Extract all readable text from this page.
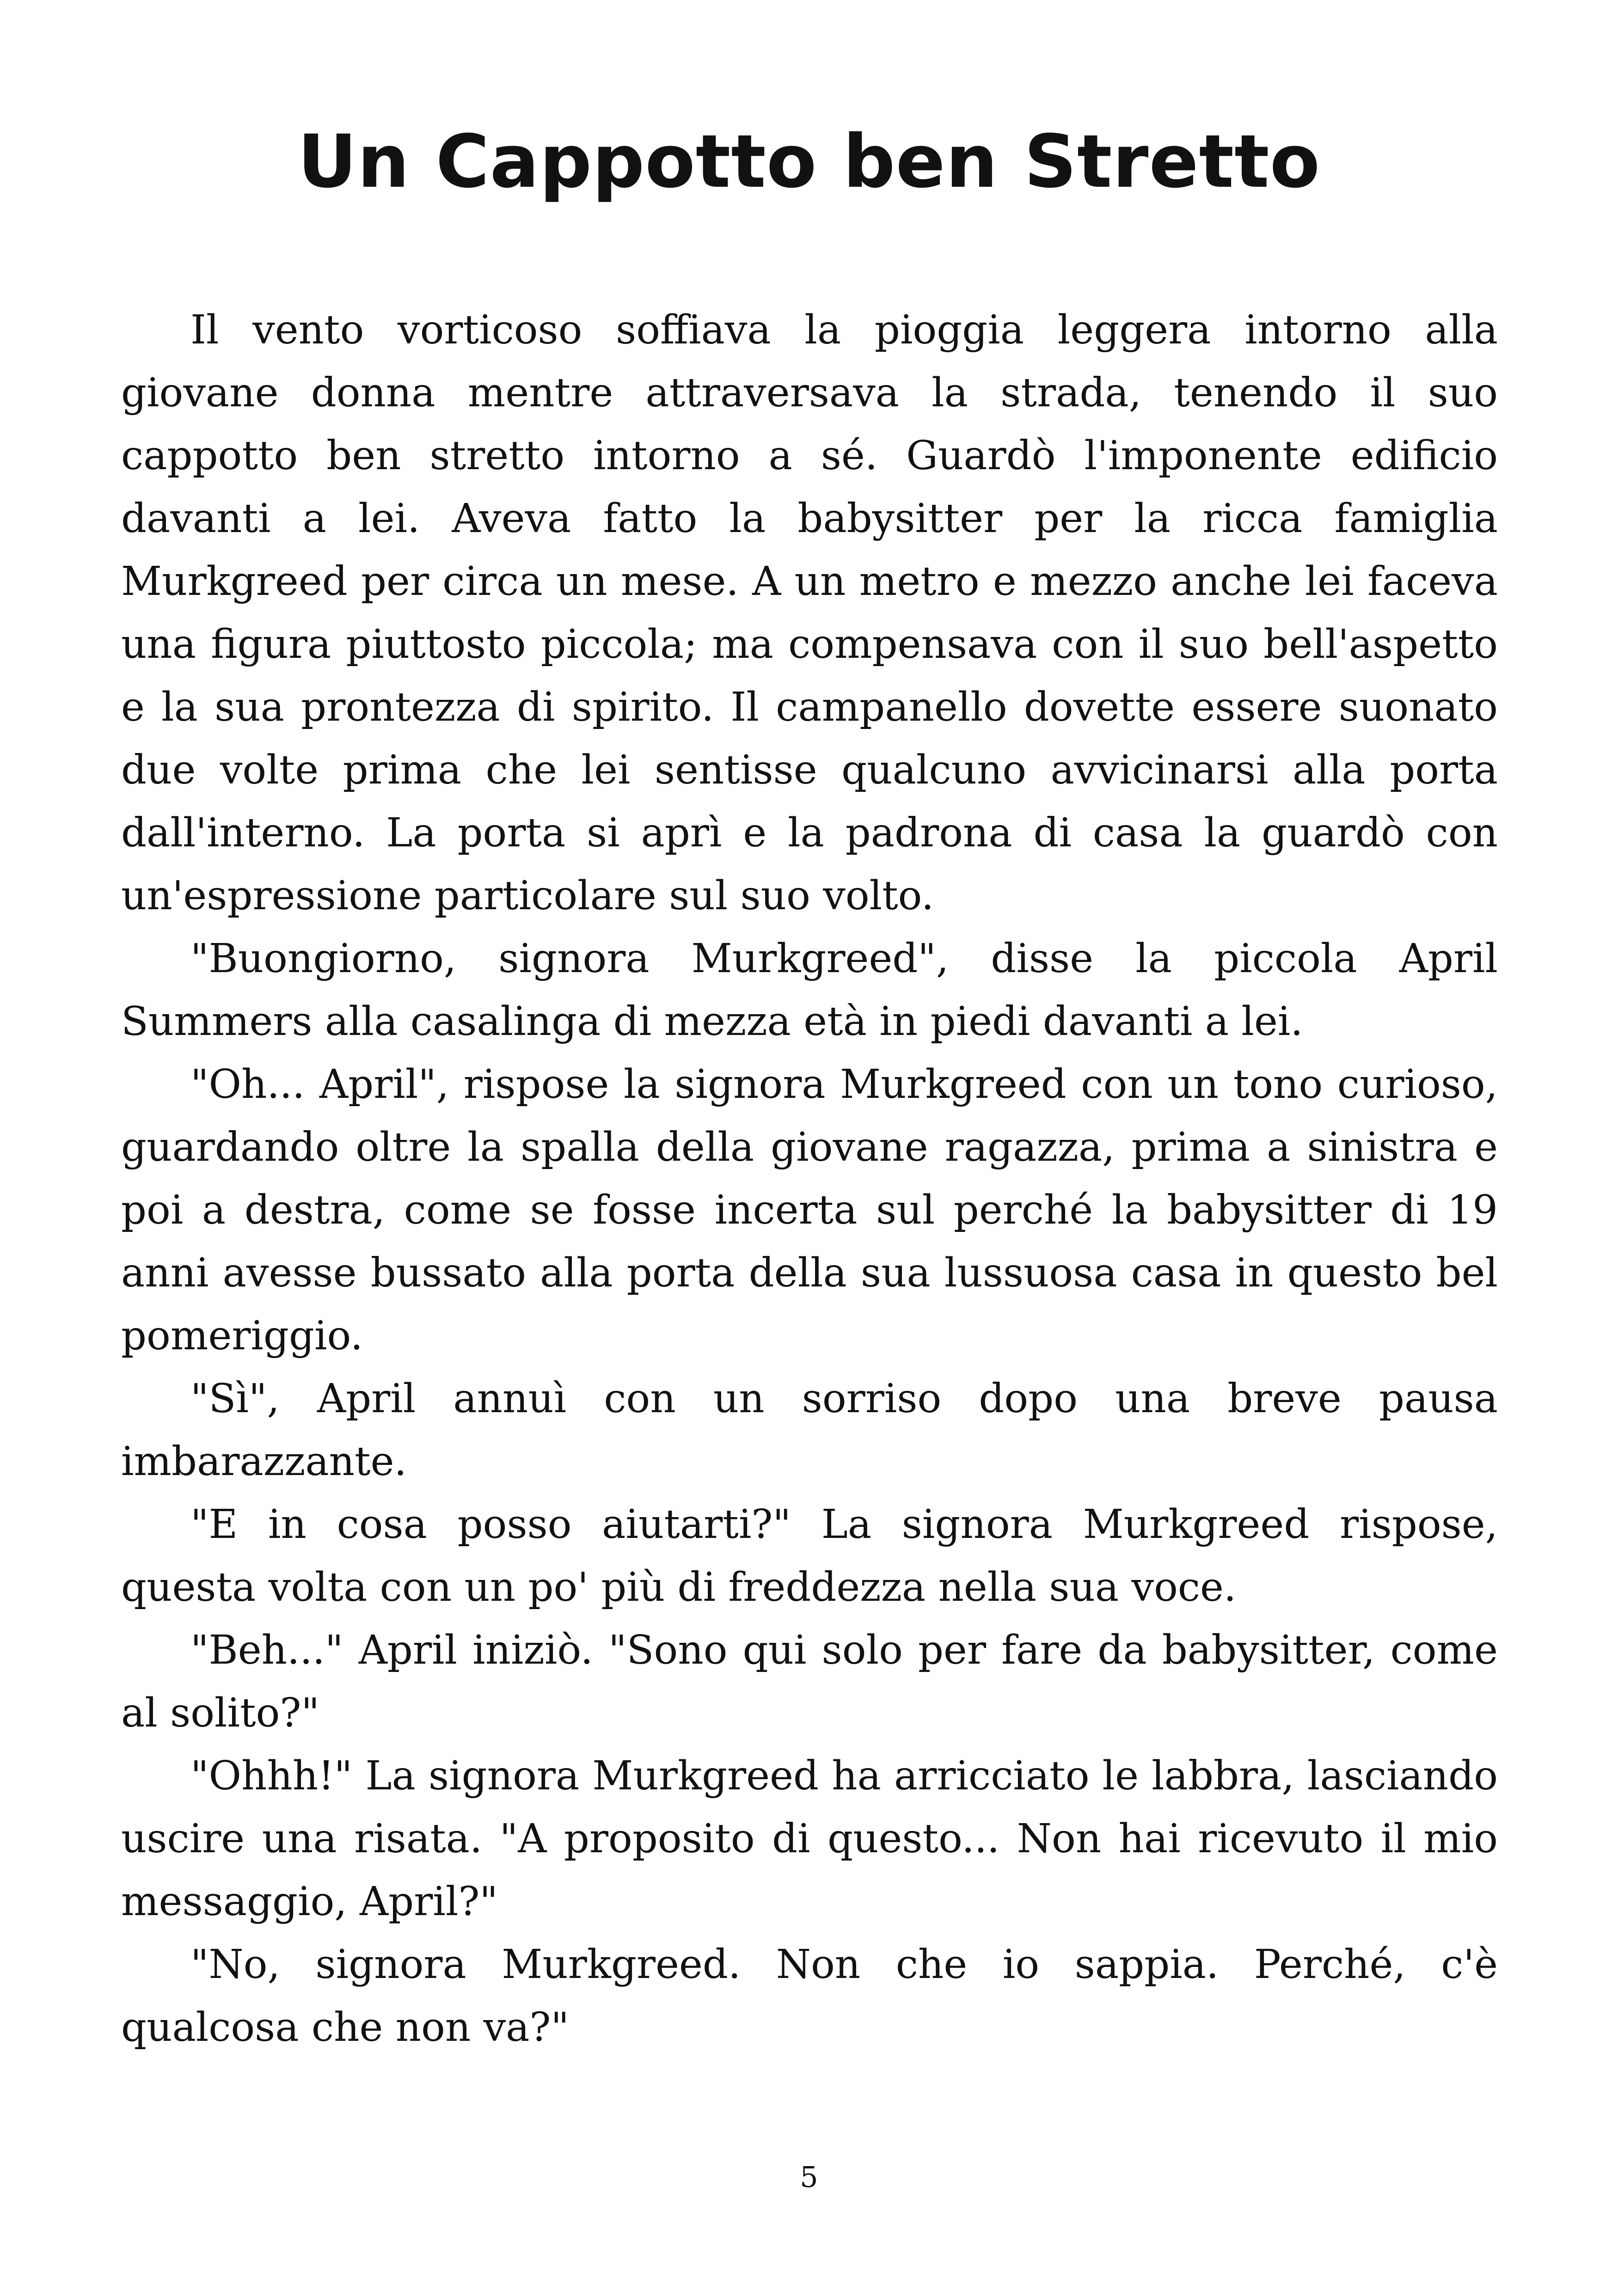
Un Cappotto ben Stretto

Il vento vorticoso soffiava la pioggia leggera intorno alla giovane donna mentre attraversava la strada, tenendo il suo cappotto ben stretto intorno a sé. Guardò l'imponente edificio davanti a lei. Aveva fatto la babysitter per la ricca famiglia Murkgreed per circa un mese. A un metro e mezzo anche lei faceva una figura piuttosto piccola; ma compensava con il suo bell'aspetto e la sua prontezza di spirito. Il campanello dovette essere suonato due volte prima che lei sentisse qualcuno avvicinarsi alla porta dall'interno. La porta si aprì e la padrona di casa la guardò con un'espressione particolare sul suo volto.

"Buongiorno, signora Murkgreed", disse la piccola April Summers alla casalinga di mezza età in piedi davanti a lei.

"Oh... April", rispose la signora Murkgreed con un tono curioso, guardando oltre la spalla della giovane ragazza, prima a sinistra e poi a destra, come se fosse incerta sul perché la babysitter di 19 anni avesse bussato alla porta della sua lussuosa casa in questo bel pomeriggio.

"Sì", April annuì con un sorriso dopo una breve pausa imbarazzante.

"E in cosa posso aiutarti?" La signora Murkgreed rispose, questa volta con un po' più di freddezza nella sua voce.

"Beh..." April iniziò. "Sono qui solo per fare da babysitter, come al solito?"

"Ohhh!" La signora Murkgreed ha arricciato le labbra, lasciando uscire una risata. "A proposito di questo... Non hai ricevuto il mio messaggio, April?"

"No, signora Murkgreed. Non che io sappia. Perché, c'è qualcosa che non va?"

5
